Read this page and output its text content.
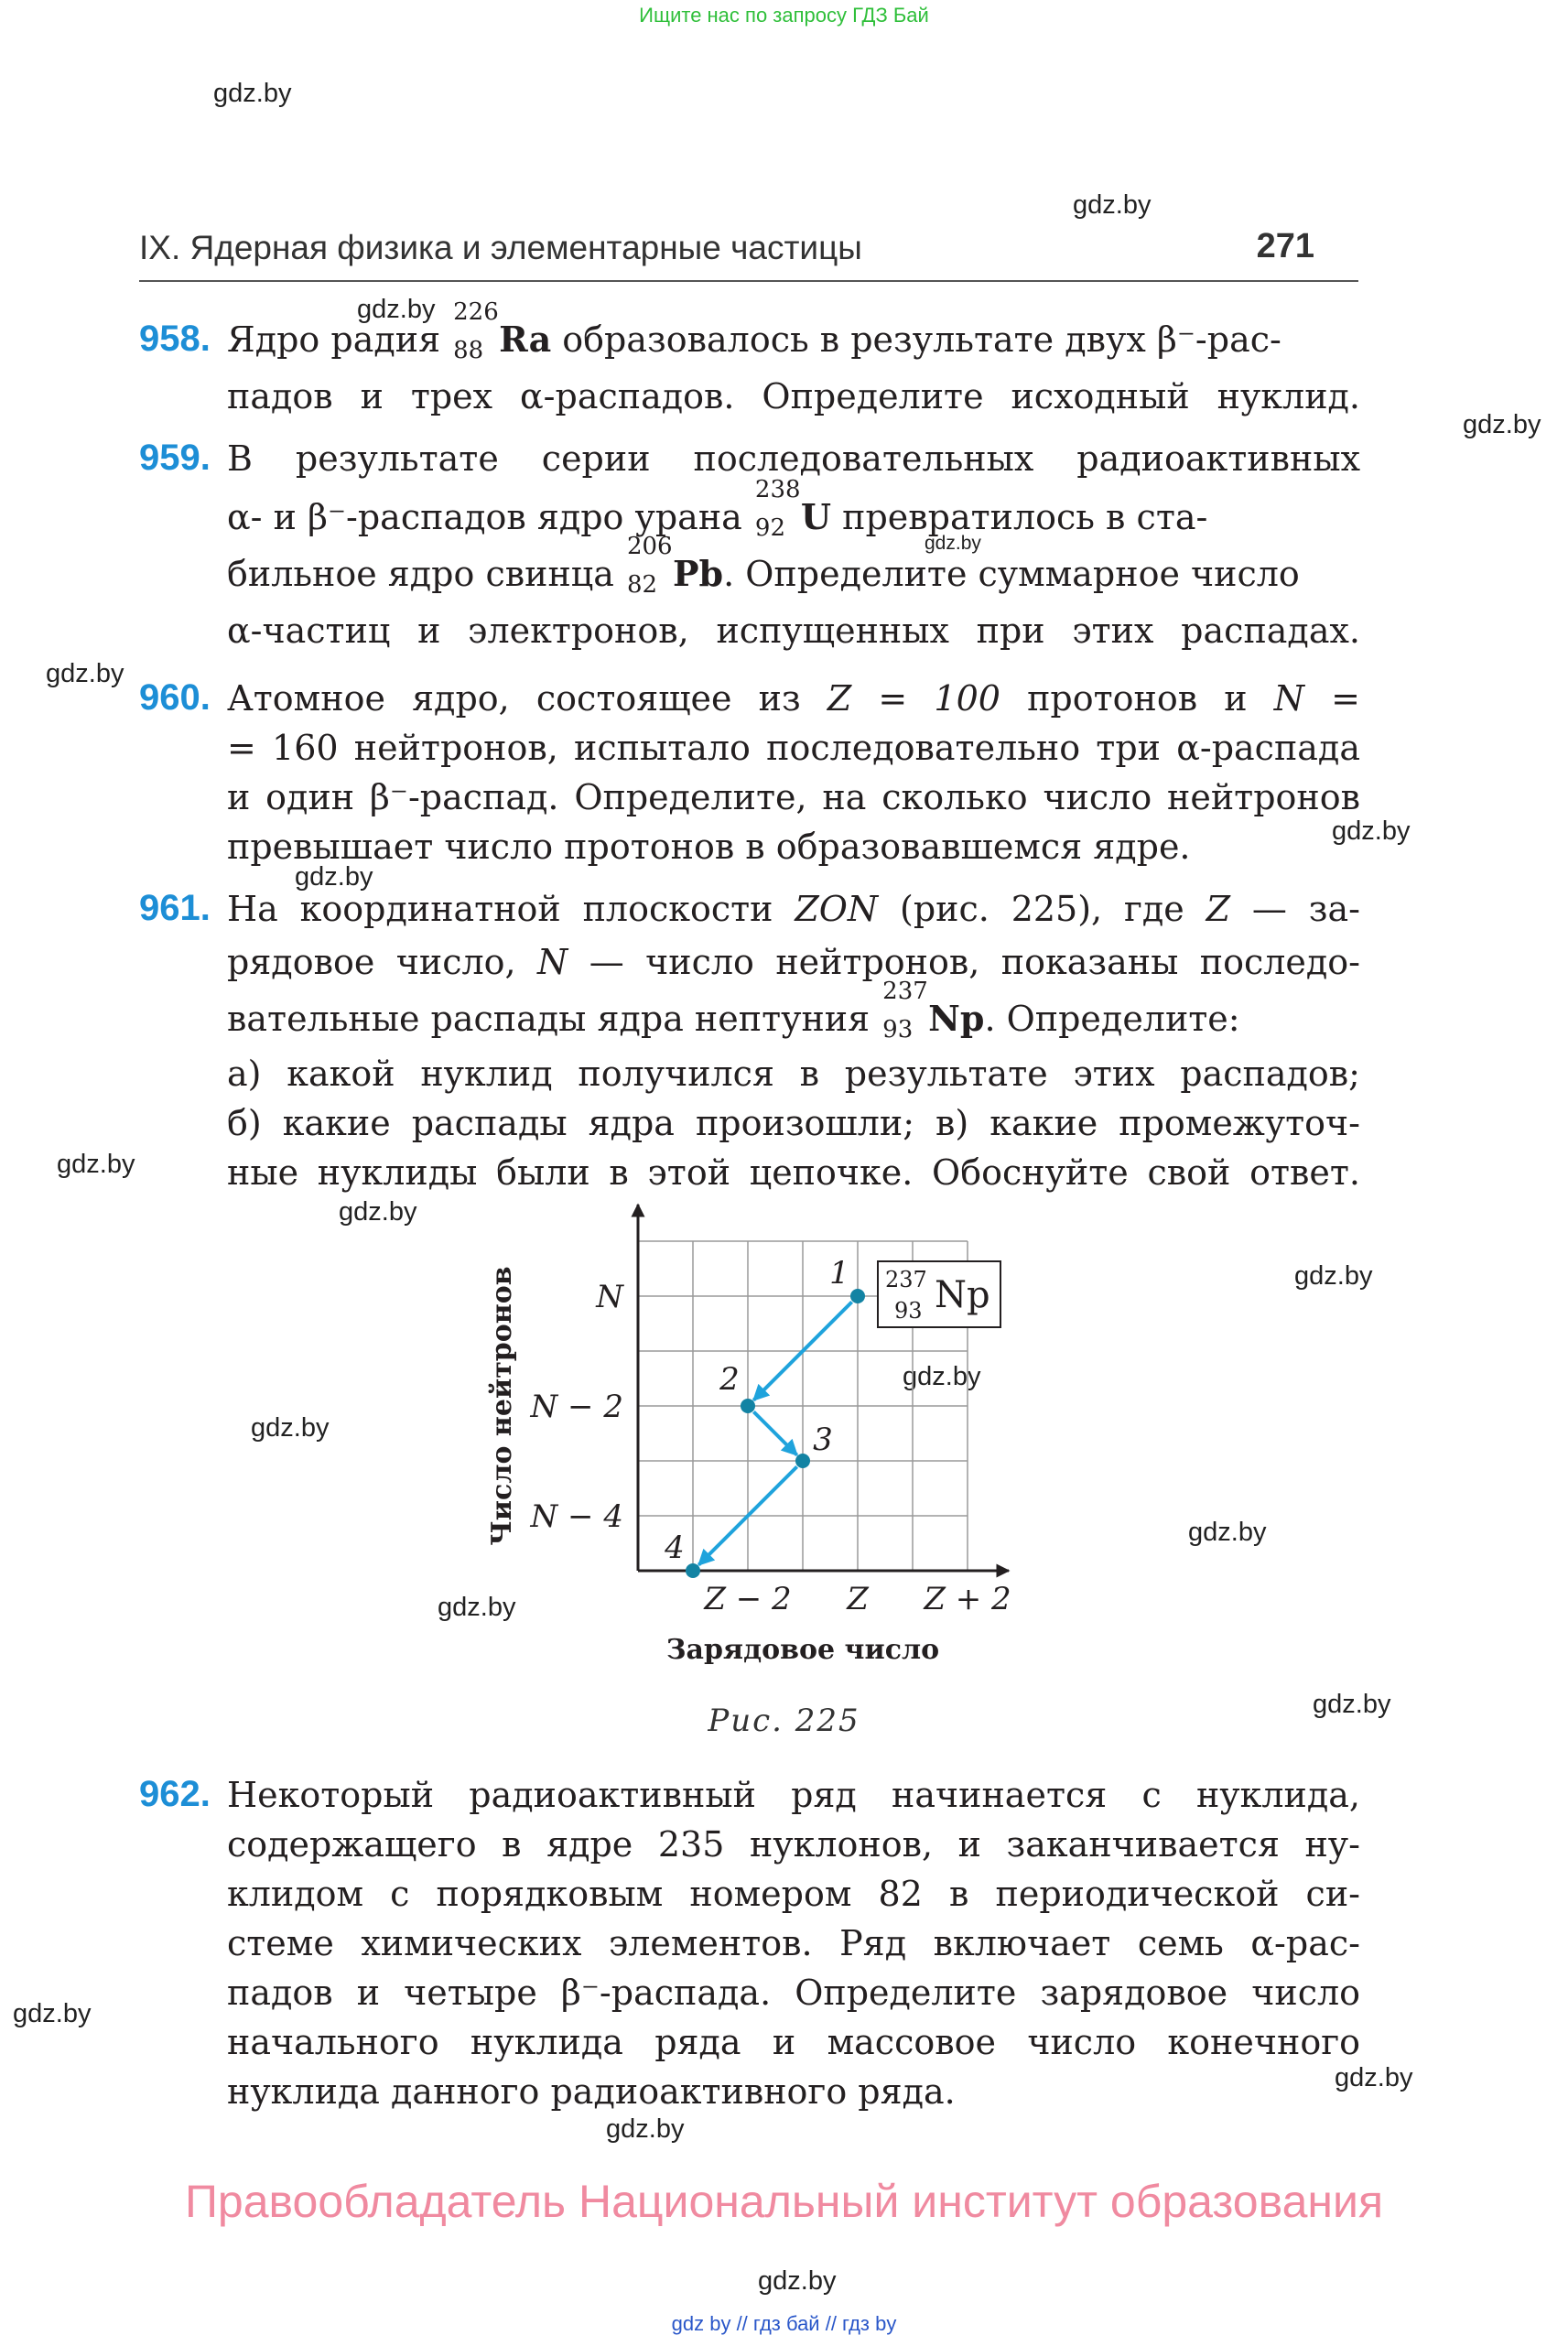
Ищите нас по запросу ГДЗ Бай
gdz.by
gdz.by
gdz.by
gdz.by
gdz.by
gdz.by
gdz.by
gdz.by
gdz.by
gdz.by
gdz.by
gdz.by
gdz.by
gdz.by
gdz.by
gdz.by
gdz.by
gdz.by
gdz.by
gdz.by
IX. Ядерная физика и элементарные частицы	271
958. Ядро радия
226
88 Ra образовалось в результате двух β⁻-рас-
падов и трех α-распадов. Определите исходный нуклид.
959. В результате серии последовательных радиоактивных
α- и β⁻-распадов ядро урана
238
92 U превратилось в ста-
бильное ядро свинца
206
82 Pb. Определите суммарное число
α-частиц и электронов, испущенных при этих распадах.
960. Атомное ядро, состоящее из Z = 100 протонов и N =
= 160 нейтронов, испытало последовательно три α-распада
и один β⁻-распад. Определите, на сколько число нейтронов
превышает число протонов в образовавшемся ядре.
961. На координатной плоскости ZON (рис. 225), где Z — за-
рядовое число, N — число нейтронов, показаны последо-
вательные распады ядра нептуния
237
93 Np. Определите:
а) какой нуклид получился в результате этих распадов;
б) какие распады ядра произошли; в) какие промежуточ-
ные нуклиды были в этой цепочке. Обоснуйте свой ответ.
Z − 2 Z Z + 2
N
N − 2
N − 4
1
2
3
4
Число нейтронов
Зарядовое число
237
93 Np
Рис. 225
962. Некоторый радиоактивный ряд начинается с нуклида,
содержащего в ядре 235 нуклонов, и заканчивается ну-
клидом с порядковым номером 82 в периодической си-
стеме химических элементов. Ряд включает семь α-рас-
падов и четыре β⁻-распада. Определите зарядовое число
начального нуклида ряда и массовое число конечного
нуклида данного радиоактивного ряда.
Правообладатель Национальный институт образования
gdz by // гдз бай // гдз by
